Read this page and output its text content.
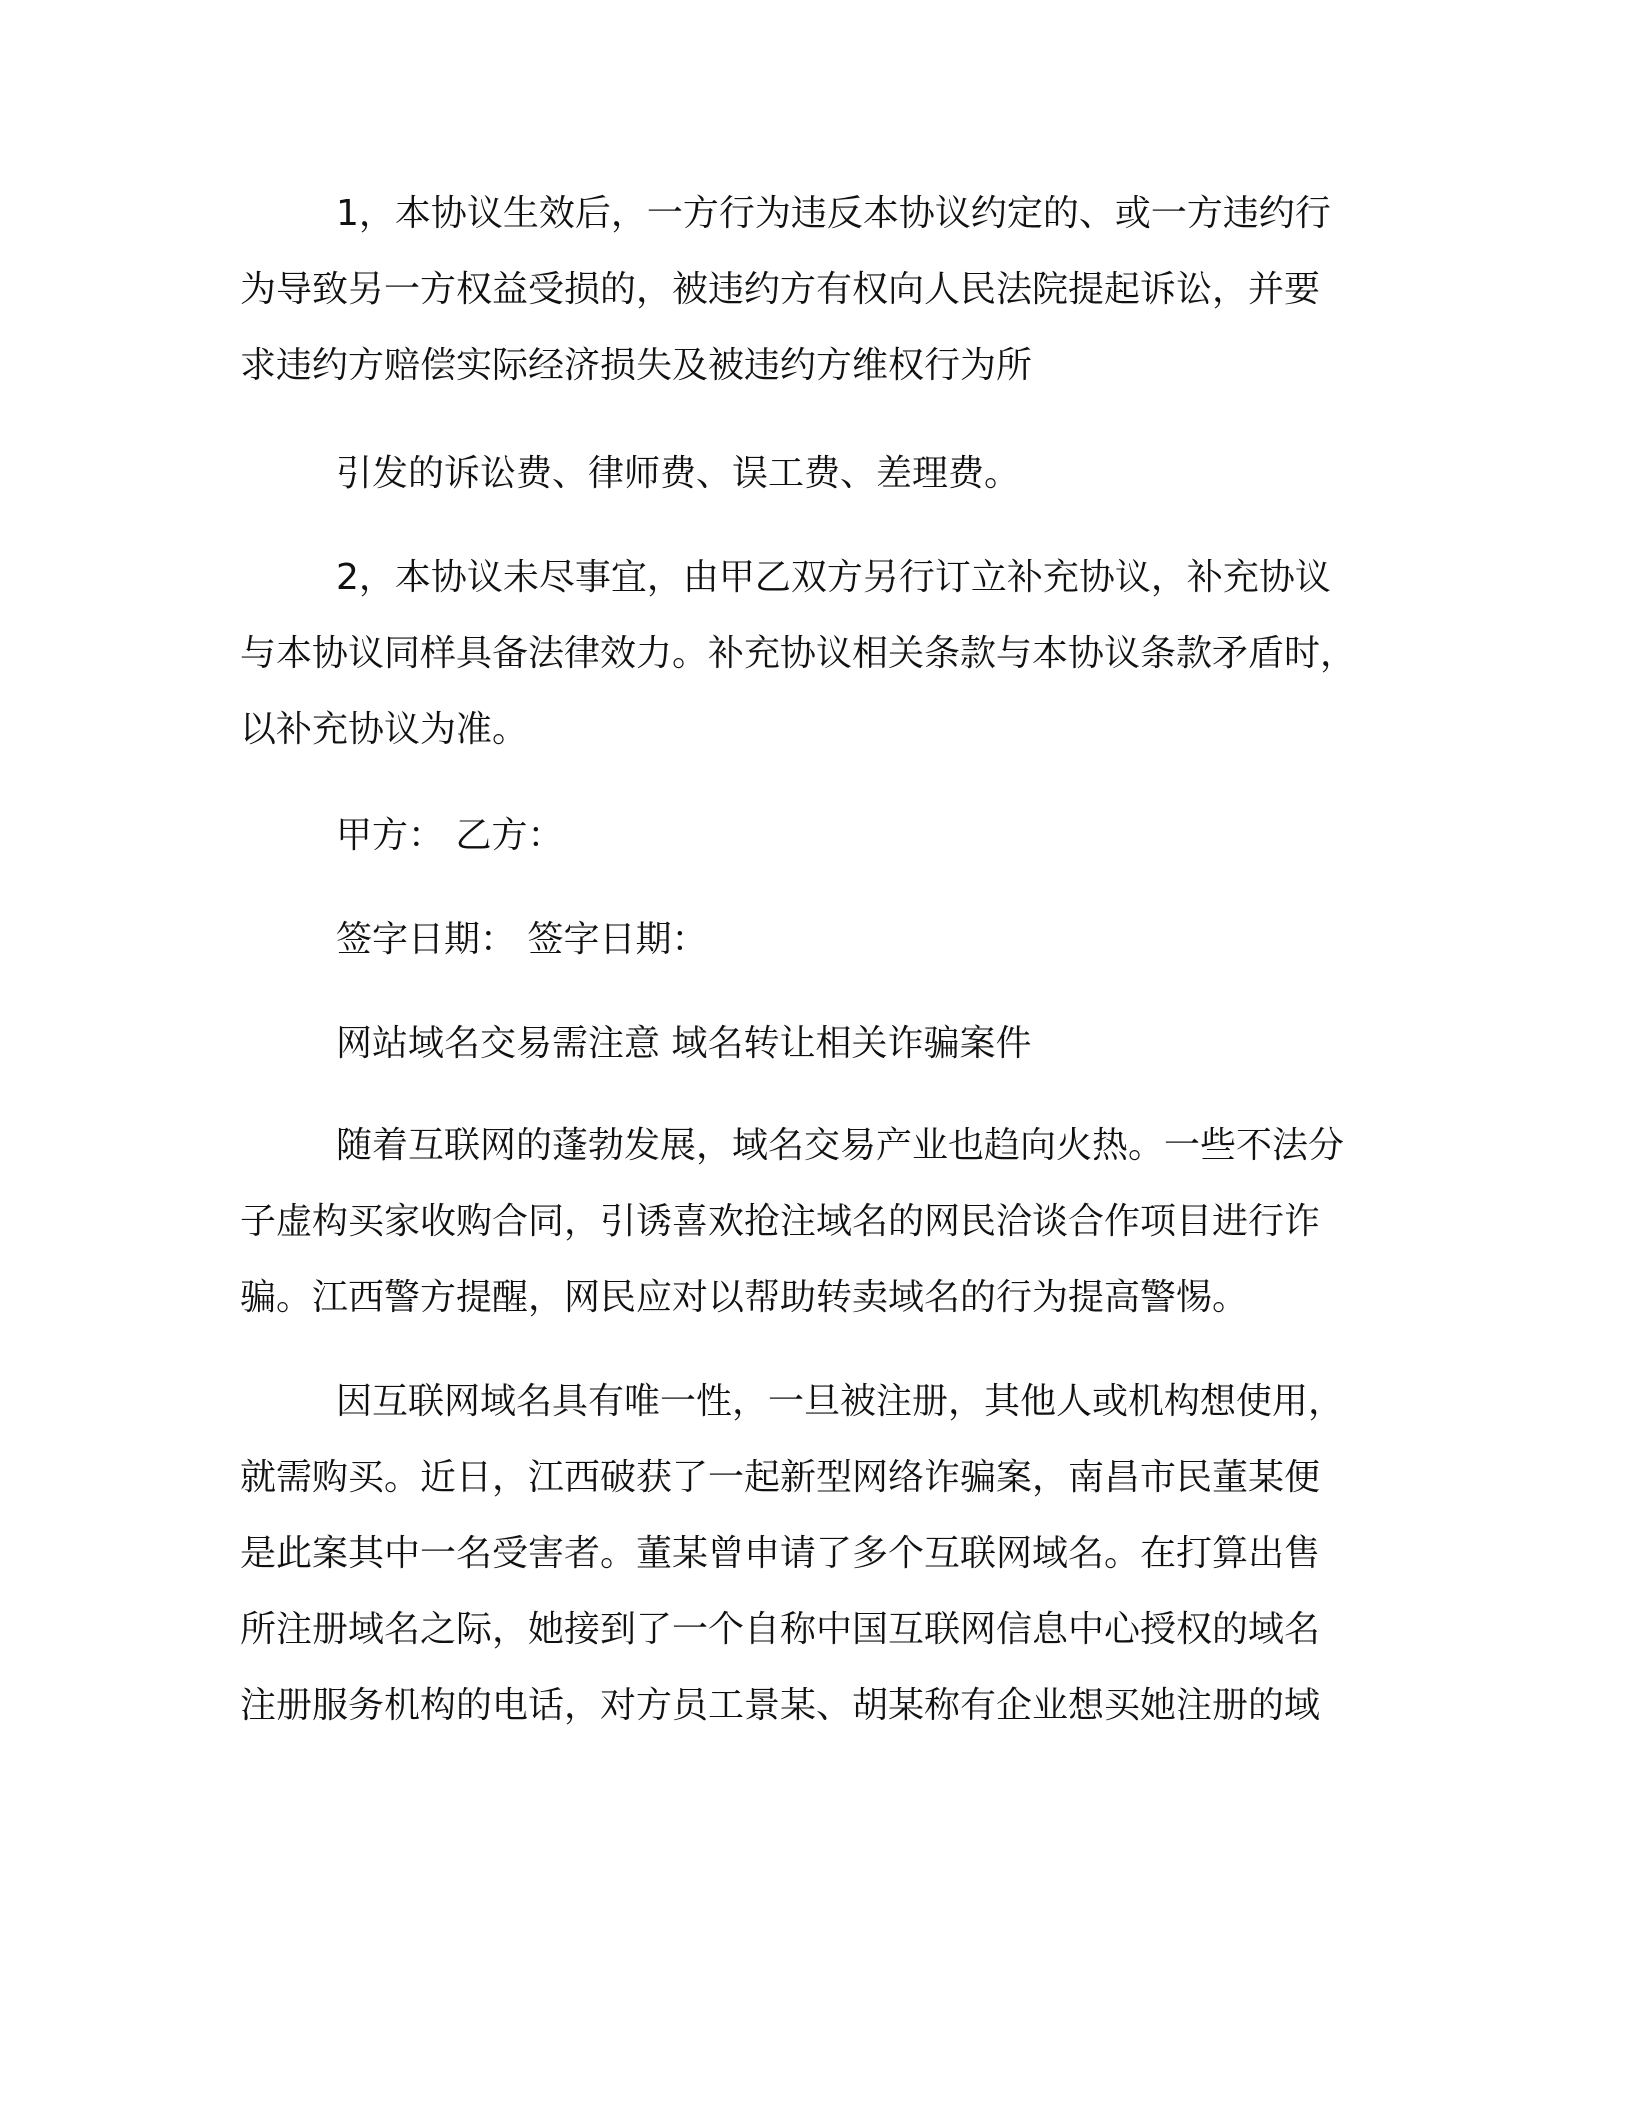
1，本协议生效后，一方行为违反本协议约定的、或一方违约行
为导致另一方权益受损的，被违约方有权向人民法院提起诉讼，并要
求违约方赔偿实际经济损失及被违约方维权行为所
引发的诉讼费、律师费、误工费、差理费。
2，本协议未尽事宜，由甲乙双方另行订立补充协议，补充协议
与本协议同样具备法律效力。补充协议相关条款与本协议条款矛盾时，
以补充协议为准。
甲方： 乙方：
签字日期： 签字日期：
网站域名交易需注意 域名转让相关诈骗案件
随着互联网的蓬勃发展，域名交易产业也趋向火热。一些不法分
子虚构买家收购合同，引诱喜欢抢注域名的网民洽谈合作项目进行诈
骗。江西警方提醒，网民应对以帮助转卖域名的行为提高警惕。
因互联网域名具有唯一性，一旦被注册，其他人或机构想使用，
就需购买。近日，江西破获了一起新型网络诈骗案，南昌市民董某便
是此案其中一名受害者。董某曾申请了多个互联网域名。在打算出售
所注册域名之际，她接到了一个自称中国互联网信息中心授权的域名
注册服务机构的电话，对方员工景某、胡某称有企业想买她注册的域
